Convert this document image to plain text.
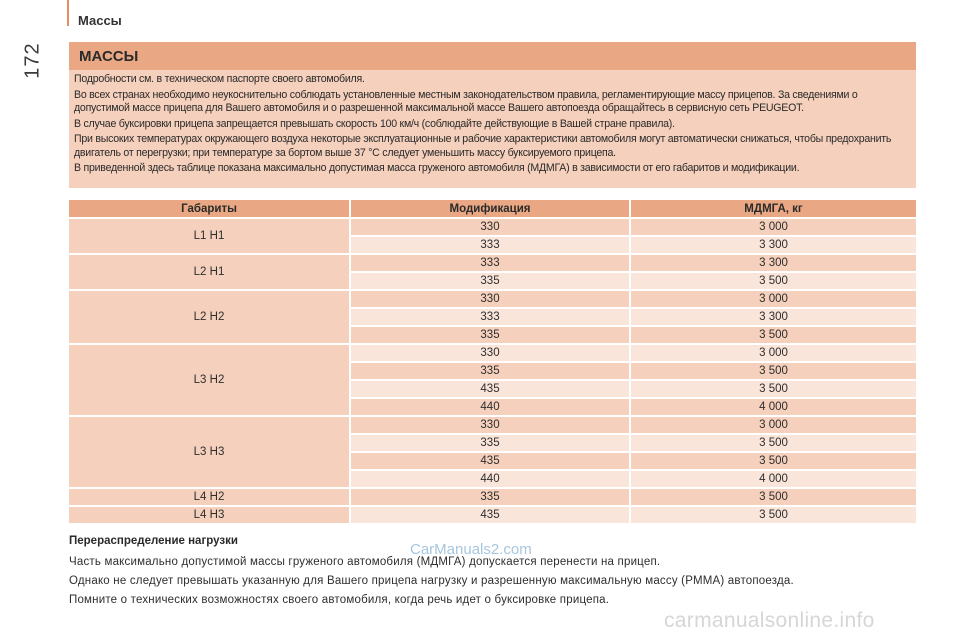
Массы
172	МАССЫ

Подробности см. в техническом паспорте своего автомобиля.

Во всех странах необходимо неукоснительно соблюдать установленные местным законодательством правила, регламентирующие массу прицепов. За сведениями о допустимой массе прицепа для Вашего автомобиля и о разрешенной максимальной массе Вашего автопоезда обращайтесь в сервисную сеть PEUGEOT.

В случае буксировки прицепа запрещается превышать скорость 100 км/ч (соблюдайте действующие в Вашей стране правила).

При высоких температурах окружающего воздуха некоторые эксплуатационные и рабочие характеристики автомобиля могут автоматически снижаться, чтобы предохранить двигатель от перегрузки; при температуре за бортом выше 37 °C следует уменьшить массу буксируемого прицепа.

В приведенной здесь таблице показана максимально допустимая масса груженого автомобиля (МДМГА) в зависимости от его габаритов и модификации.

Габариты	Модификация	МДМГА, кг
L1 H1	330	3 000
	333	3 300
L2 H1	333	3 300
	335	3 500
L2 H2	330	3 000
	333	3 300
	335	3 500
L3 H2	330	3 000
	335	3 500
	435	3 500
	440	4 000
L3 H3	330	3 000
	335	3 500
	435	3 500
	440	4 000
L4 H2	335	3 500
L4 H3	435	3 500
Перераспределение нагрузки
Часть максимально допустимой массы груженого автомобиля (МДМГА) допускается перенести на прицеп.
Однако не следует превышать указанную для Вашего прицепа нагрузку и разрешенную максимальную массу (РММА) автопоезда.
Помните о технических возможностях своего автомобиля, когда речь идет о буксировке прицепа.
CarManuals2.com
carmanualsonline.info
